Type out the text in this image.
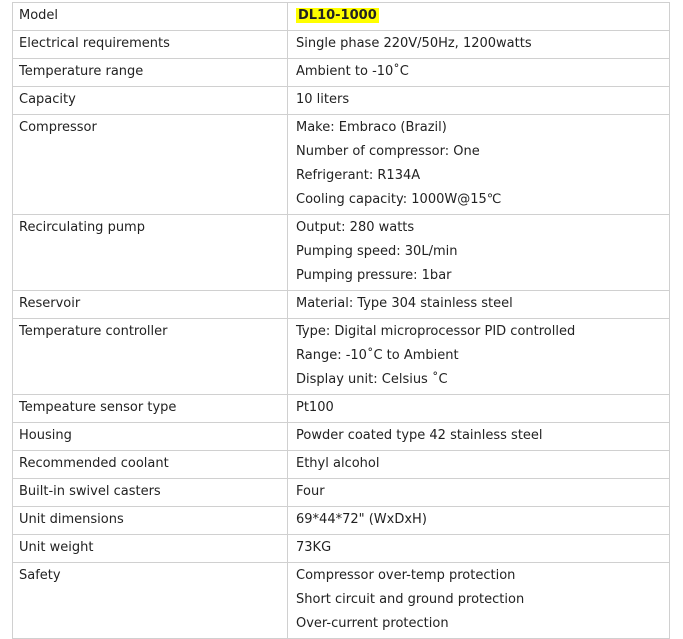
Model	DL10-1000

Electrical requirements	Single phase 220V/50Hz, 1200watts

Temperature range	Ambient to -10˚C

Capacity	10 liters

Compressor	Make: Embraco (Brazil)
Number of compressor: One
Refrigerant: R134A
Cooling capacity: 1000W@15℃

Recirculating pump	Output: 280 watts
Pumping speed: 30L/min
Pumping pressure: 1bar

Reservoir	Material: Type 304 stainless steel

Temperature controller	Type: Digital microprocessor PID controlled
Range: -10˚C to Ambient
Display unit: Celsius ˚C

Tempeature sensor type	Pt100

Housing	Powder coated type 42 stainless steel

Recommended coolant	Ethyl alcohol

Built-in swivel casters	Four

Unit dimensions	69*44*72" (WxDxH)

Unit weight	73KG

Safety	Compressor over-temp protection
Short circuit and ground protection
Over-current protection
